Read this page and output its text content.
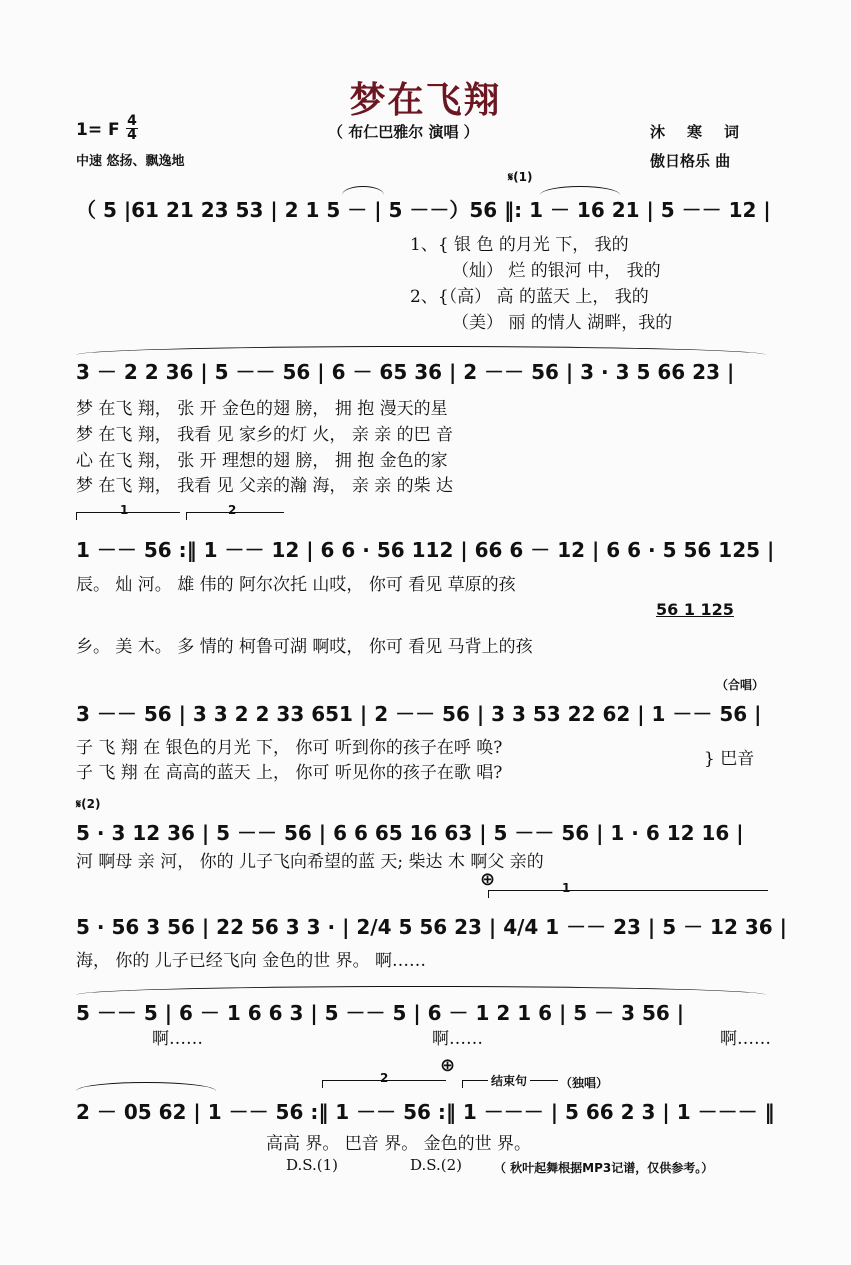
梦在飞翔
1= F 4
4
中速 悠扬、飘逸地
（ 布仁巴雅尔 演唱 ）	沐寒词
傲日格乐 曲
𝄋(1)
（ 5 |61 21 23 53 | 2 1 5 － | 5 －－）56 ‖: 1 － 16 21 | 5 －－ 12 |
1、{ 银 色 的月光 下， 我的
（灿） 烂 的银河 中， 我的
2、{（高） 高 的蓝天 上， 我的
（美） 丽 的情人 湖畔，我的
3 － 2 2 36 | 5 －－ 56 | 6 － 65 36 | 2 －－ 56 | 3 · 3 5 66 23 |
梦 在飞 翔， 张 开 金色的翅 膀， 拥 抱 漫天的星
梦 在飞 翔， 我看 见 家乡的灯 火， 亲 亲 的巴 音
心 在飞 翔， 张 开 理想的翅 膀， 拥 抱 金色的家
梦 在飞 翔， 我看 见 父亲的瀚 海， 亲 亲 的柴 达
1	2
1 －－ 56 :‖ 1 －－ 12 | 6 6 · 56 112 | 66 6 － 12 | 6 6 · 5 56 125 |
辰。 灿 河。 雄 伟的 阿尔次托 山哎， 你可 看见 草原的孩
56 1 125
乡。 美 木。 多 情的 柯鲁可湖 啊哎， 你可 看见 马背上的孩
（合唱）
3 －－ 56 | 3 3 2 2 33 651 | 2 －－ 56 | 3 3 53 22 62 | 1 －－ 56 |
子 飞 翔 在 银色的月光 下， 你可 听到你的孩子在呼 唤?
子 飞 翔 在 高高的蓝天 上， 你可 听见你的孩子在歌 唱?
} 巴音
𝄋(2)
5 · 3 12 36 | 5 －－ 56 | 6 6 65 16 63 | 5 －－ 56 | 1 · 6 12 16 |
河 啊母 亲 河， 你的 儿子飞向希望的蓝 天; 柴达 木 啊父 亲的
⊕	1
5 · 56 3 56 | 22 56 3 3 · | 2/4 5 56 23 | 4/4 1 －－ 23 | 5 － 12 36 |
海， 你的 儿子已经飞向 金色的世 界。 啊……
5 －－ 5 | 6 － 1 6 6 3 | 5 －－ 5 | 6 － 1 2 1 6 | 5 － 3 56 |
啊……	啊……	啊……
⊕
2	结束句	（独唱）
2 － 05 62 | 1 －－ 56 :‖ 1 －－ 56 :‖ 1 －－－ | 5 66 2 3 | 1 －－－ ‖
高高 界。 巴音 界。 金色的世 界。
D.S.(1)	D.S.(2)	（ 秋叶起舞根据MP3记谱，仅供参考。）
